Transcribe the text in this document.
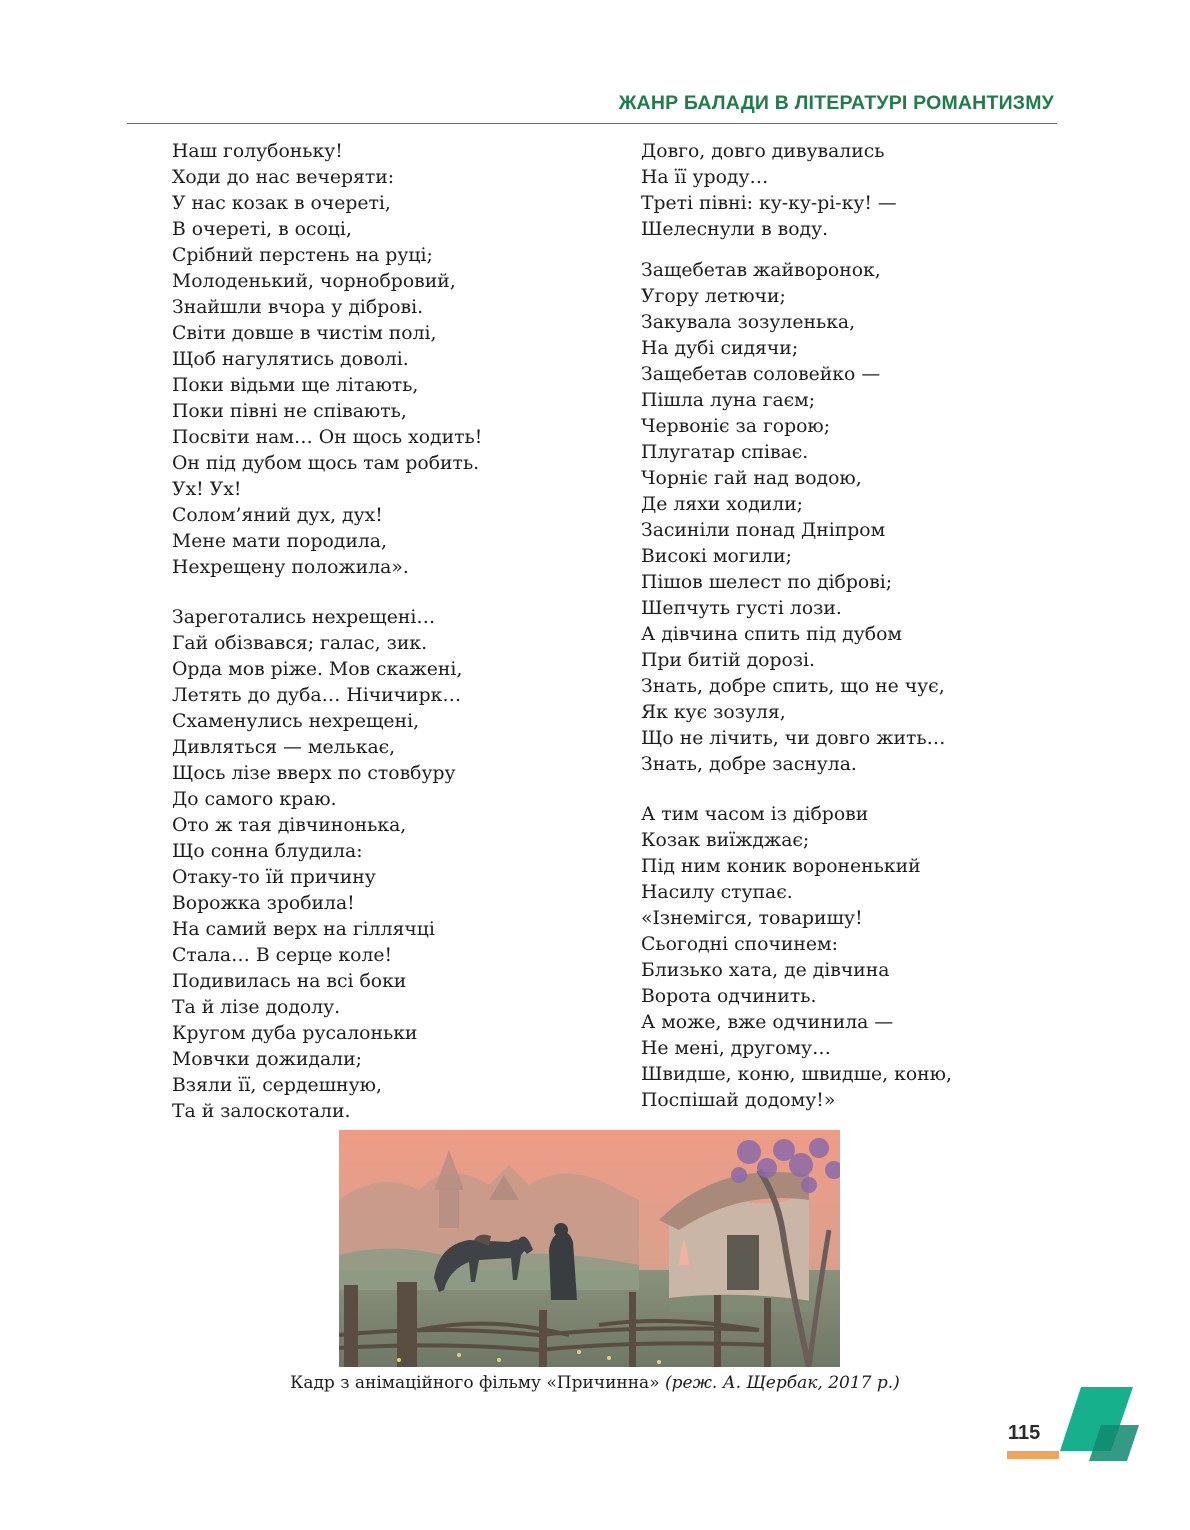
ЖАНР БАЛАДИ В ЛІТЕРАТУРІ РОМАНТИЗМУ
Наш голубоньку!
Ходи до нас вечеряти:
У нас козак в очереті,
В очереті, в осоці,
Срібний перстень на руці;
Молоденький, чорнобровий,
Знайшли вчора у діброві.
Світи довше в чистім полі,
Щоб нагулятись доволі.
Поки відьми ще літають,
Поки півні не співають,
Посвіти нам… Он щось ходить!
Он під дубом щось там робить.
Ух! Ух!
Солом’яний дух, дух!
Мене мати породила,
Нехрещену положила».
Зареготались нехрещені…
Гай обізвався; галас, зик.
Орда мов ріже. Мов скажені,
Летять до дуба… Нічичирк…
Схаменулись нехрещені,
Дивляться — мелькає,
Щось лізе вверх по стовбуру
До самого краю.
Ото ж тая дівчинонька,
Що сонна блудила:
Отаку-то їй причину
Ворожка зробила!
На самий верх на гіллячці
Стала… В серце коле!
Подивилась на всі боки
Та й лізе додолу.
Кругом дуба русалоньки
Мовчки дожидали;
Взяли її, сердешную,
Та й залоскотали.
Довго, довго дивувались
На її уроду…
Треті півні: ку-ку-рі-ку! —
Шелеснули в воду.
Защебетав жайворонок,
Угору летючи;
Закувала зозуленька,
На дубі сидячи;
Защебетав соловейко —
Пішла луна гаєм;
Червоніє за горою;
Плугатар співає.
Чорніє гай над водою,
Де ляхи ходили;
Засиніли понад Дніпром
Високі могили;
Пішов шелест по діброві;
Шепчуть густі лози.
А дівчина спить під дубом
При битій дорозі.
Знать, добре спить, що не чує,
Як кує зозуля,
Що не лічить, чи довго жить…
Знать, добре заснула.
А тим часом із діброви
Козак виїжджає;
Під ним коник вороненький
Насилу ступає.
«Ізнемігся, товаришу!
Сьогодні спочинем:
Близько хата, де дівчина
Ворота одчинить.
А може, вже одчинила —
Не мені, другому…
Швидше, коню, швидше, коню,
Поспішай додому!»
Кадр з анімаційного фільму «Причинна» (реж. А. Щербак, 2017 р.)
115
